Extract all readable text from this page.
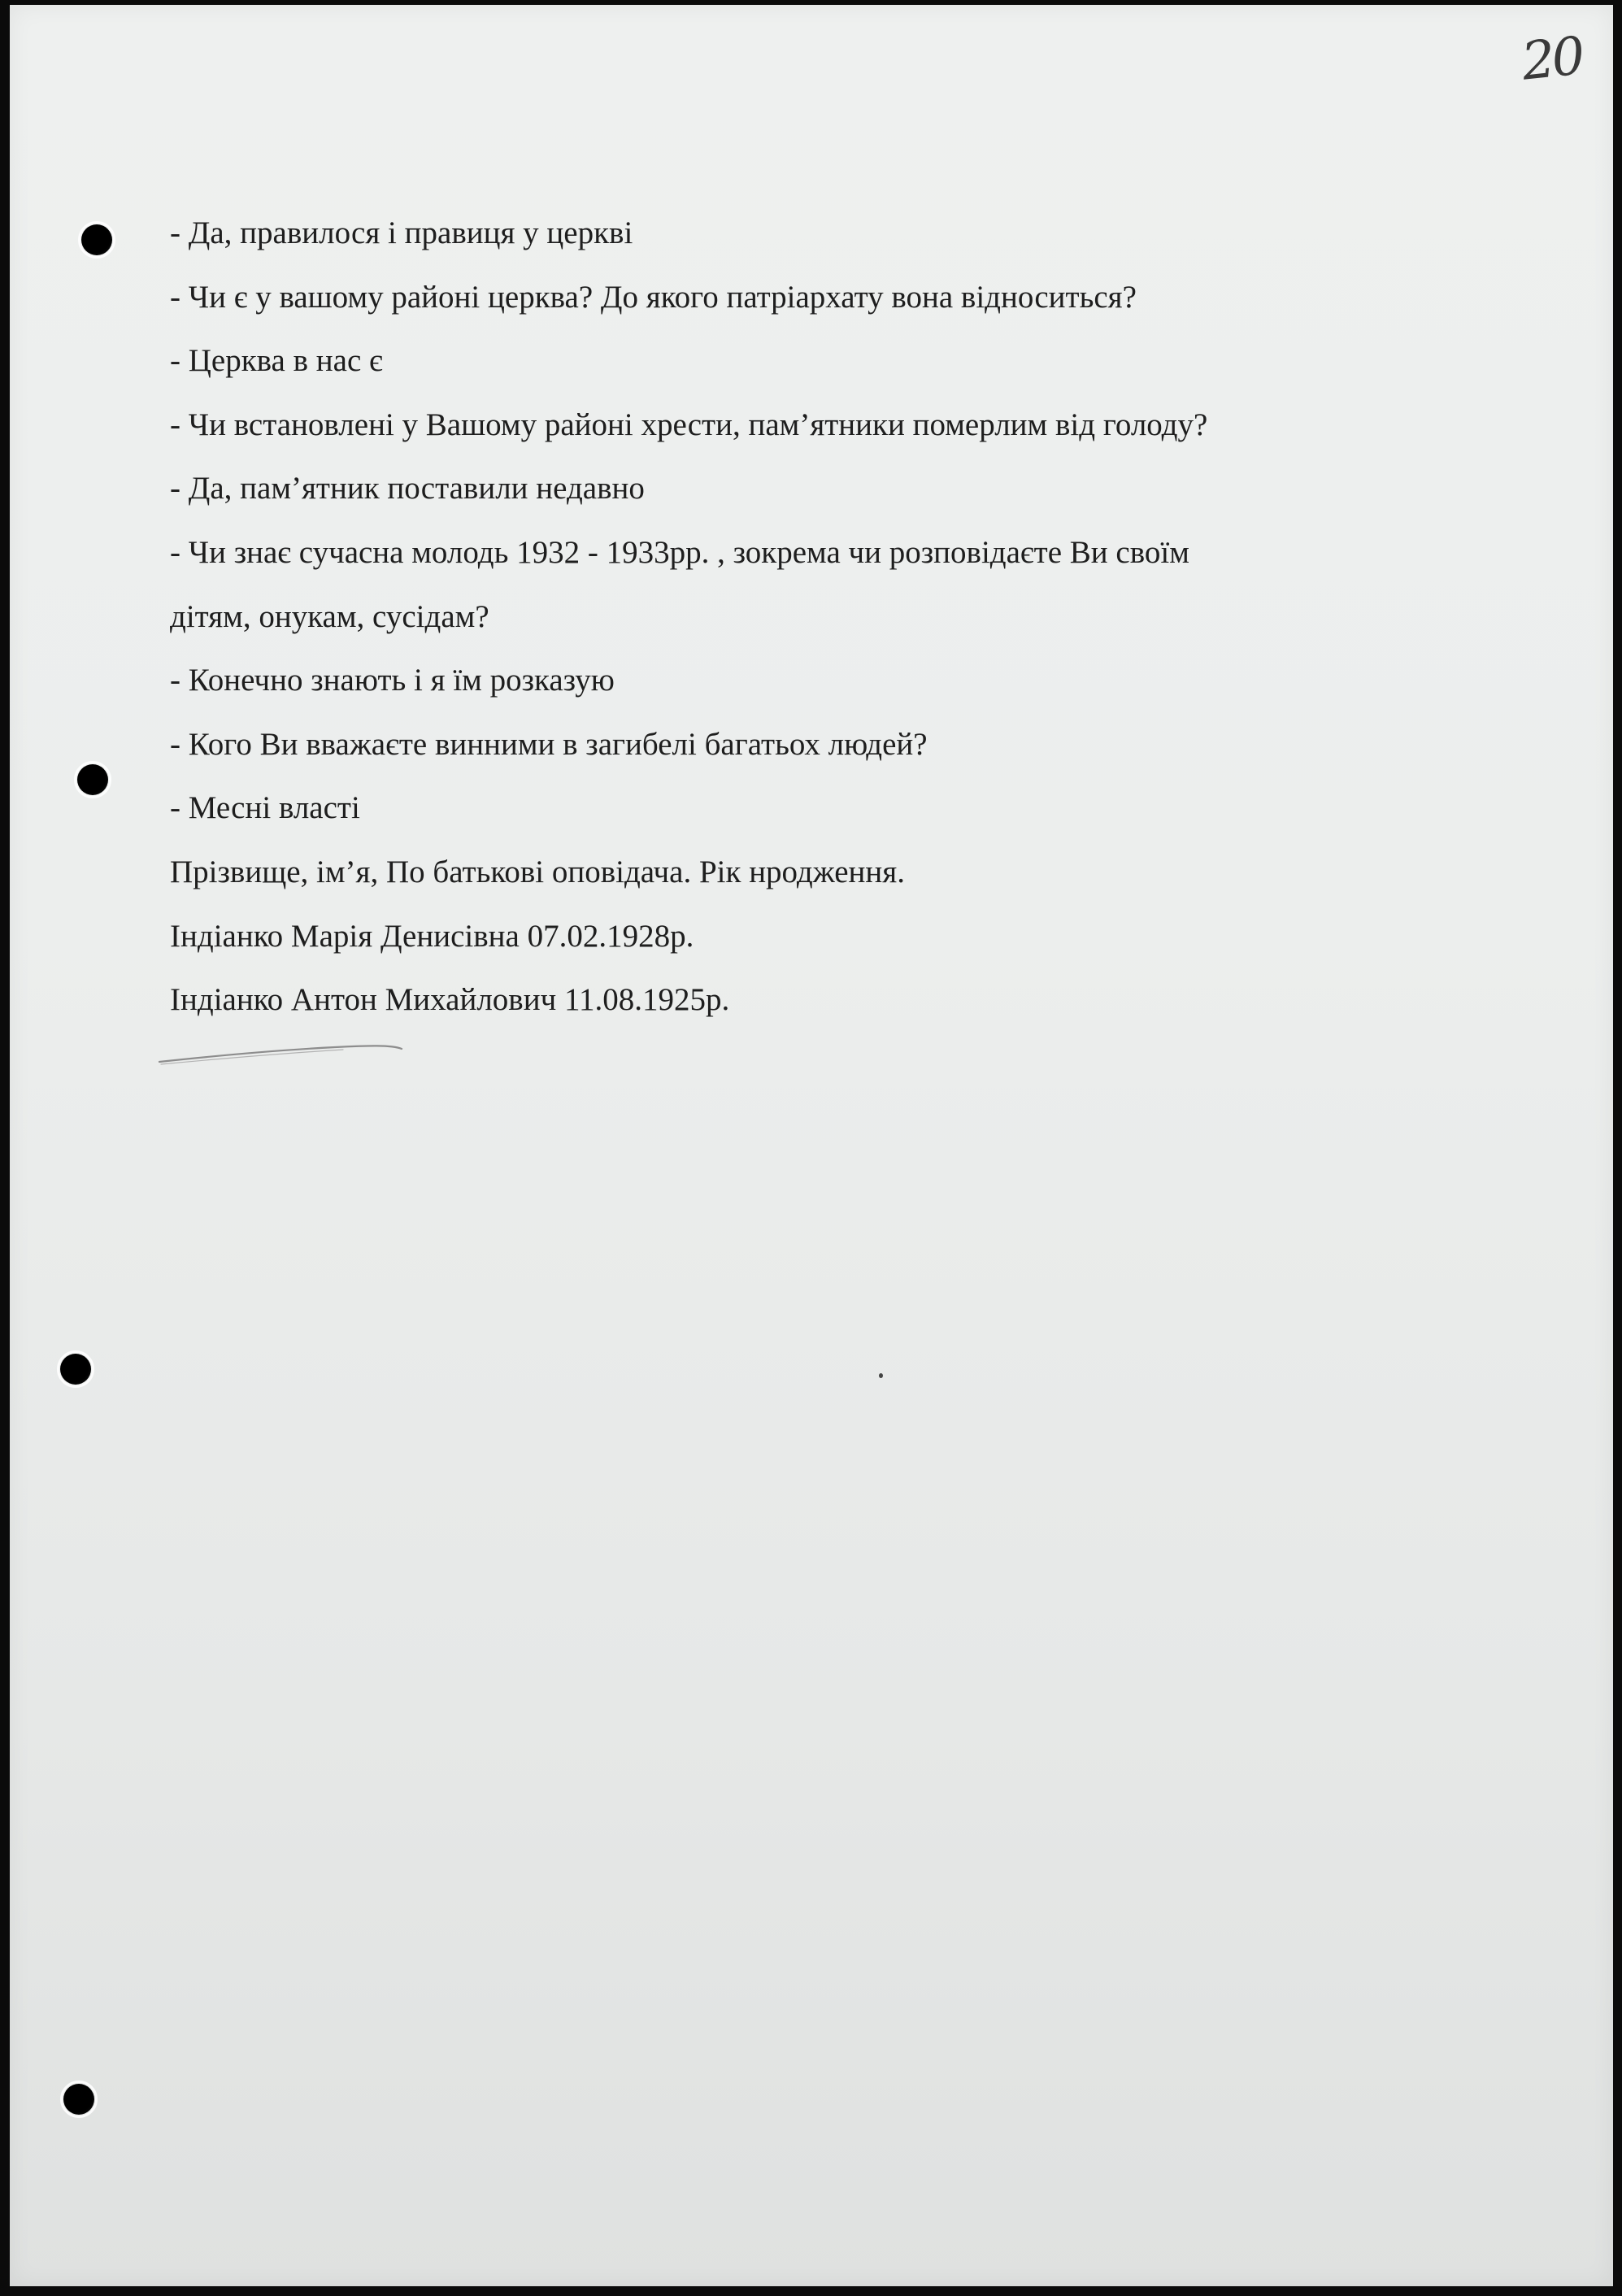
20
- Да, правилося і правиця у церкві
- Чи є у вашому районі церква? До якого патріархату вона відноситься?
- Церква в нас є
- Чи встановлені у Вашому районі хрести, пам’ятники померлим від голоду?
- Да, пам’ятник поставили недавно
- Чи знає сучасна молодь 1932 - 1933рр. , зокрема чи розповідаєте Ви своїм
дітям, онукам, сусідам?
- Конечно знають і я їм розказую
- Кого Ви вважаєте винними в загибелі багатьох людей?
- Месні власті
Прізвище, ім’я, По батькові оповідача. Рік нродження.
Індіанко Марія Денисівна 07.02.1928р.
Індіанко Антон Михайлович 11.08.1925р.
